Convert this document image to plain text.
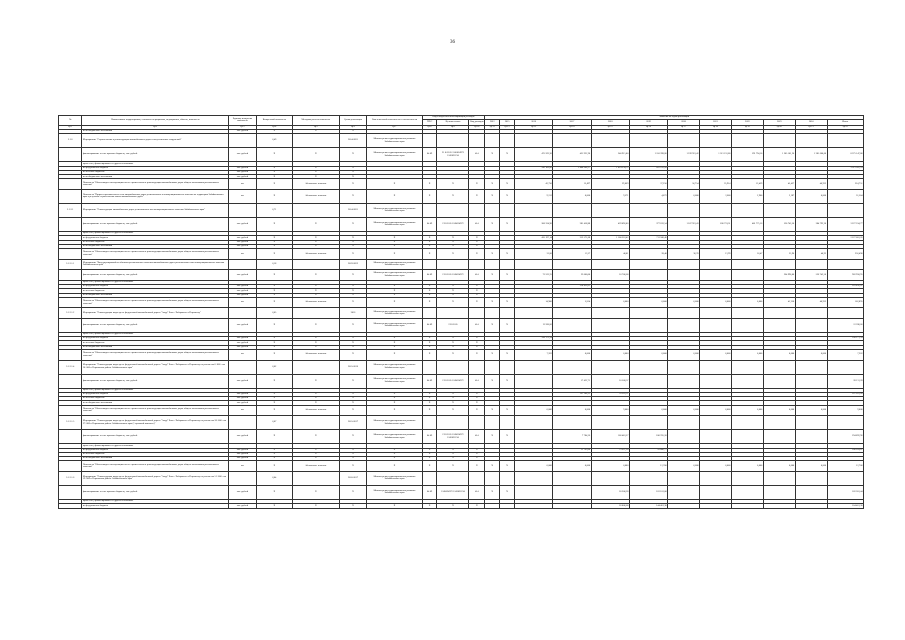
36
№	Наименование подпрограммы, основного мероприятия, мероприятия, объекта, показателя	Единица измерения показателя	Конкретный показатель	Методика расчета показателя	Сроки реализации	Ответственный исполнитель и соисполнители	Коды бюджетной классификации расходов			Значения по годам реализации											
							ГРБС	Целевая статья	Вид расходов	2012	2015	2016	2017	2018	2019	2020	2021	2022	2023	2024	Итого
гр.1	гр.2	гр.3	гр.4	гр.5	гр.6	гр.7	гр.8	гр.9	гр.10	гр.11	гр.12	гр.13	гр.14	гр.15	гр.16	гр.17	гр.18	гр.19	гр.20	гр.21	гр.22
	из внебюджетных источников	тыс. рублей	X	X	X																
3.1.6	Мероприятие "Строительство и реконструкция автомобильных дорог и искусственных сооружений"		0,49		2014-2021	Министерство территориального развития Забайкальского края															
	финансирование за счет краевого бюджета, тыс. рублей	тыс. рублей	X	X	X	Министерство территориального развития Забайкальского края	04 09	21 0 03 05 1245024972 1242021194	414	X	X	475 592,20	431 921,90	340 915,00	1 110 398,86	1 339 913,42	1 513 153,80	591 794,10	1 305 101,20	1 281 600,00	8 375 147,80
	кроме того, финансирование из других источников:																				
	из федерального бюджета	тыс. рублей	X	X	X							545 106,00	1 400 908,57	1 014 234,72	455 255,43						3 315 962,24
	из местных бюджетов	тыс. рублей	X	X	X																
	из внебюджетных источников	тыс. рублей	X	X	X																
	Показатель "Объем ввода в эксплуатацию после строительства и реконструкции автомобильных дорог общего пользования регионального значения"	км	X	Абсолютное значение	X	X	X	X	X	X	X	42,750	15,497	39,069	37,250	56,754	35,914	13,439	45,437	40,932	324,751
	Показатель "Прирост протяженности сети автомобильных дорог регионального и межмуниципального значения на территории Забайкальского края в результате строительства новых автомобильных дорог"	км	X	Абсолютное значение	X	X	X	X	X	X	X	9,152	0,000	9,571	4,872	0,000	3,600	2,900	2,187	0,000	31,504
3.1.2.1	Мероприятие "Реконструкция автомобильных дорог регионального или межмуниципального значения Забайкальского края"		0,71		2014-2021	Министерство территориального развития Забайкальского края															
	финансирование за счет краевого бюджета, тыс. рублей	тыс. рублей	X	X	X	Министерство территориального развития Забайкальского края	04 09	213 03 05 1245024972	414	X	X	200 334,90	281 458,88	439 096,06	377 633,54	1 107 913,43	630 774,51	401 775,16	530 743,50	384 793,20	3 227 334,77
	кроме того, финансирование из других источников:																				
	из федерального бюджета	тыс. рублей	X	X	X	X	X	X	X			435 197,14	212 571,08	1 100 318,42	711 580,46						2 227 081,26
	из местных бюджетов	тыс. рублей	X	X	X	X	X	X	X												
	из внебюджетных источников	тыс. рублей	X	X	X	X	X	X	X												
	Показатель "Объем ввода в эксплуатацию после строительства и реконструкции автомобильных дорог общего пользования регионального значения"	км	X	Абсолютное значение	X	X	X	X	X	X	X	31,60	15,37	40,01	28,40	36,70	13,99	10,47	35,90	40,93	256,490
3.1.2.1.1	Мероприятие "Ввод мероприятий по объектам регионального значения автомобильных дорог регионального или межмуниципального значения Забайкальского края"		0,18		2019-2022	Министерство территориального развития Забайкальского края															
	финансирование за счет краевого бюджета, тыс. рублей	тыс. рублей	X	X	X	Министерство территориального развития Забайкальского края	04 09	213 03 05 1245024972	414	X	X	73 522,25	22 000,00	10 700,00					264 990,00	536 742,50	902 958,95
	кроме того, финансирование из других источников:																				
	из федерального бюджета	тыс. рублей	X	X	X	X	X	X	X				210 456,61								210 456,61
	из местных бюджетов	тыс. рублей	X	X	X	X	X	X	X												
	из внебюджетных источников	тыс. рублей	X	X	X	X	X	X	X												
	Показатель "Объем ввода в эксплуатацию после строительства и реконструкции автомобильных дорог общего пользования регионального значения"	км	X	Абсолютное значение	X	X	X	X	X	X	X	14,900	5,814	0,000	0,000	0,000	0,000	0,000	41,250	40,932	102,895
3.1.2.1.2	Мероприятие "Реконструкция подъезда от федеральной автомобильной дороги "Амур" Чита - Хабаровск к г.Нерчинску"		0,05		2016	Министерство территориального развития Забайкальского края															
	финансирование за счет краевого бюджета, тыс. рублей	тыс. рублей	X	X	X	Министерство территориального развития Забайкальского края	04 09	213 03 05	414	X	X	12 590,66									12 590,66
	кроме того, финансирование из других источников:																				
	из федерального бюджета	тыс. рублей	X	X	X	X	X	X	X			330 171,54									330 171,54
	из местных бюджетов	тыс. рублей	X	X	X	X	X	X	X												
	из внебюджетных источников	тыс. рублей	X	X	X	X	X	X	X												
	Показатель "Объем ввода в эксплуатацию после строительства и реконструкции автомобильных дорог общего пользования регионального значения"	км	X	Абсолютное значение	X	X	X	X	X	X	X	7,262	0,000	0,000	0,000	0,000	0,000	0,000	0,000	0,000	7,262
3.1.2.1.4	Мероприятие "Реконструкция подъезда от федеральной автомобильной дороги "Амур" Чита - Хабаровск к г.Нерчинску на участке км 0+000 - км 20+000 в Нерчинском районе Забайкальского края"		0,02		2015-2016	Министерство территориального развития Забайкальского края															
	финансирование за счет краевого бюджета, тыс. рублей	тыс. рублей	X	X	X	Министерство территориального развития Забайкальского края	04 09	213 03 05 1245024972	414	X	X		17 422,71	10 508,57							28 131,28
	кроме того, финансирование из других источников:																				
	из федерального бюджета	тыс. рублей	X	X	X	X	X	X	X				197 180,11	70 510,57							267 691,68
	из местных бюджетов	тыс. рублей	X	X	X	X	X	X	X												
	из внебюджетных источников	тыс. рублей	X	X	X	X	X	X	X												
	Показатель "Объем ввода в эксплуатацию после строительства и реконструкции автомобильных дорог общего пользования регионального значения"	км	X	Абсолютное значение	X	X	X	X	X	X	X	0,000	0,000	9,000	0,000	0,000	0,000	0,000	0,000	0,000	9,000
3.1.2.1.5	Мероприятие "Реконструкция подъезда от федеральной автомобильной дороги "Амур" Чита - Хабаровск к г.Нерчинску на участке км 20+000 - км 27+000 в Нерчинском районе Забайкальского края (1 пусковой комплекс)"		0,07		2015-2017	Министерство территориального развития Забайкальского края															
	финансирование за счет краевого бюджета, тыс. рублей	тыс. рублей	X	X	X	Министерство территориального развития Забайкальского края	04 09	213 03 05 1245024972 1242021194	414	X	X		7 784,26	106 403,57	180 705,20						294 892,96
	кроме того, финансирование из других источников:																				
	из федерального бюджета	тыс. рублей	X	X	X	X	X	X	X				11 765,00	75 927,20	92 886,77						180 624,87
	из местных бюджетов	тыс. рублей	X	X	X	X	X	X	X												
	из внебюджетных источников	тыс. рублей	X	X	X	X	X	X	X												
	Показатель "Объем ввода в эксплуатацию после строительства и реконструкции автомобильных дорог общего пользования регионального значения"	км	X	Абсолютное значение	X	X	X	X	X	X	X	0,000	0,000	0,000	12,700	0,000	0,000	0,000	0,000	0,000	12,700
3.1.2.1.6	Мероприятие "Реконструкция подъезда от федеральной автомобильной дороги "Амур" Чита - Хабаровск к г.Нерчинску на участке км 51+000 - км 59+000 в Нерчинском районе Забайкальского края"		0,04		2016-2017	Министерство территориального развития Забайкальского края															
	финансирование за счет краевого бюджета, тыс. рублей	тыс. рублей	X	X	X	Министерство территориального развития Забайкальского края	04 09	1245024972 1242021194	414	X	X			20 200,28	162 181,00						182 381,44
	кроме того, финансирование из других источников:																				
	из федерального бюджета	тыс. рублей	X	X	X	X	X	X	X					20 000,00	144 461,30						164 461,30
